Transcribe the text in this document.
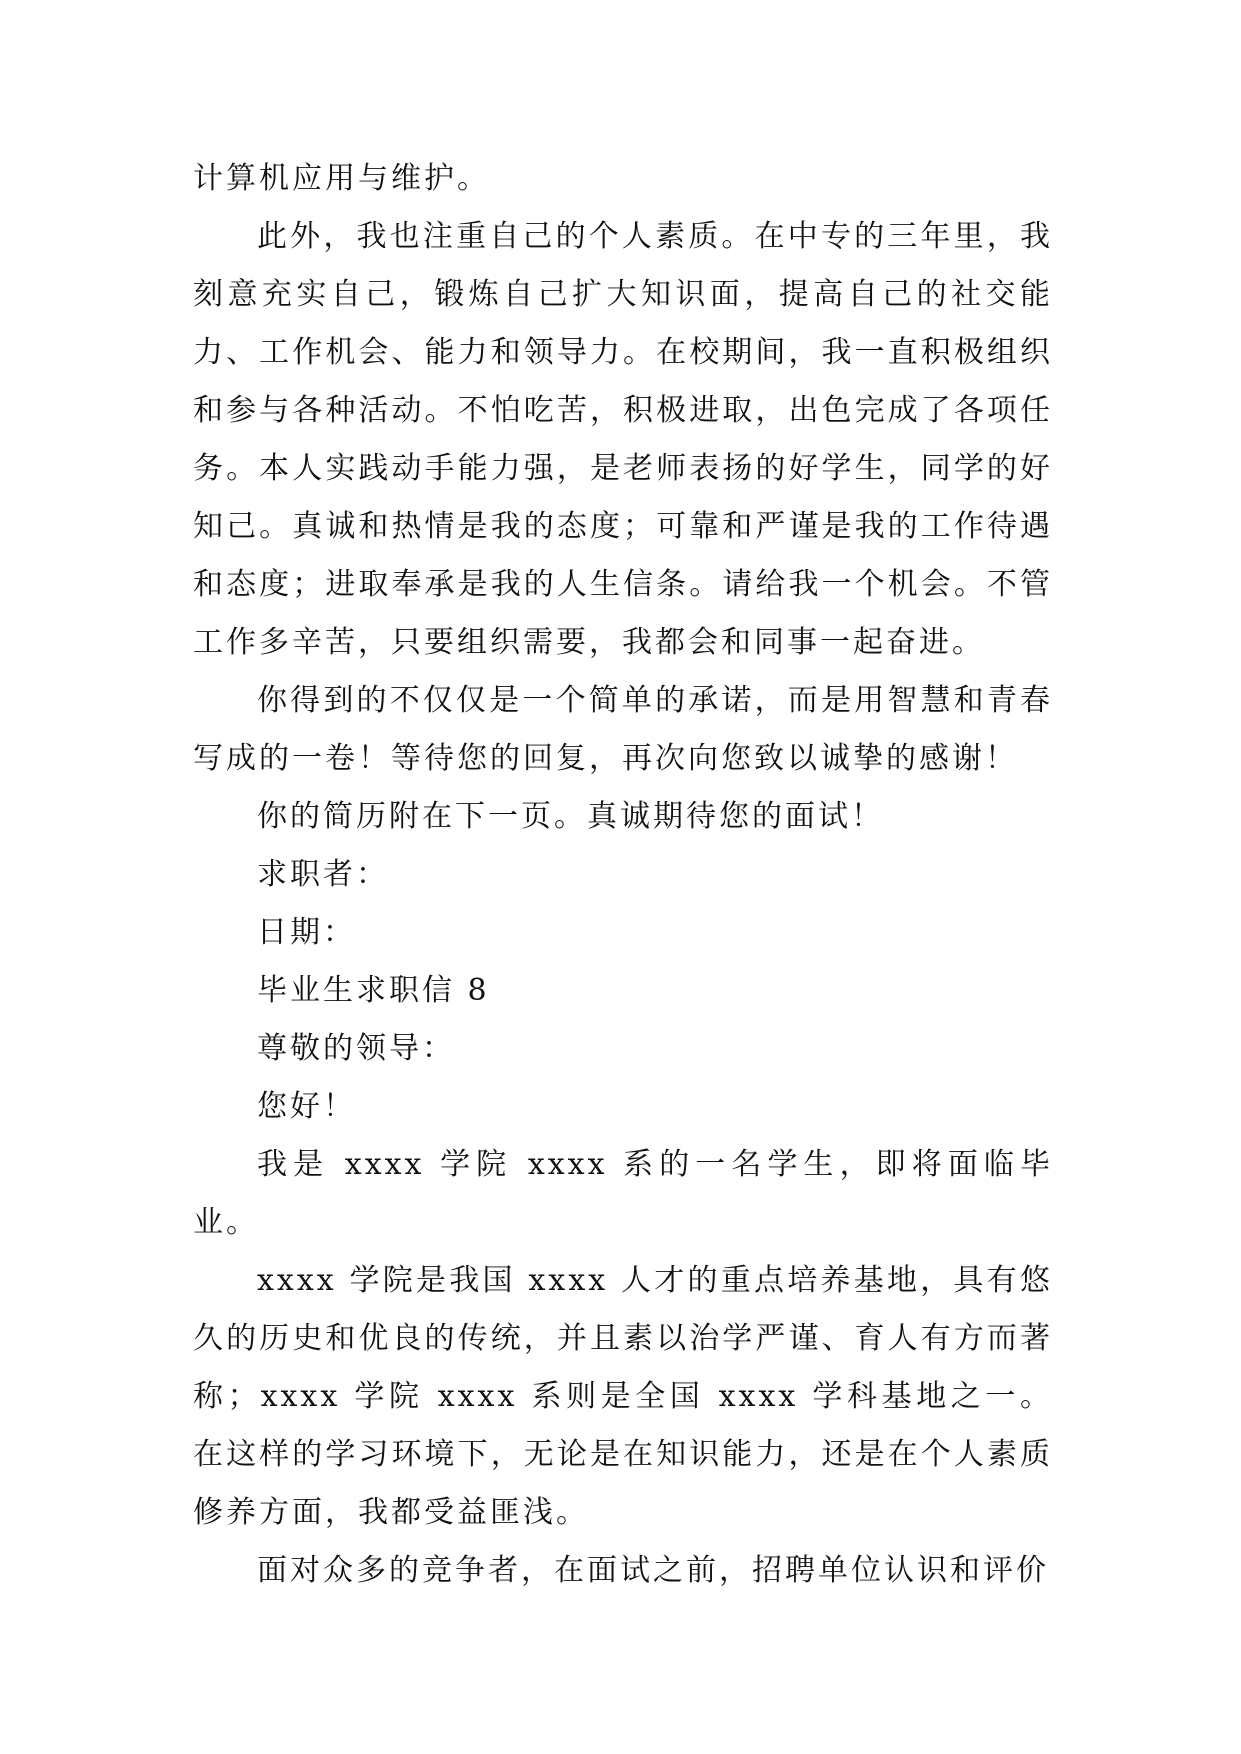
计算机应用与维护。

此外，我也注重自己的个人素质。在中专的三年里，我刻意充实自己，锻炼自己扩大知识面，提高自己的社交能力、工作机会、能力和领导力。在校期间，我一直积极组织和参与各种活动。不怕吃苦，积极进取，出色完成了各项任务。本人实践动手能力强，是老师表扬的好学生，同学的好知己。真诚和热情是我的态度；可靠和严谨是我的工作待遇和态度；进取奉承是我的人生信条。请给我一个机会。不管工作多辛苦，只要组织需要，我都会和同事一起奋进。

你得到的不仅仅是一个简单的承诺，而是用智慧和青春写成的一卷！等待您的回复，再次向您致以诚挚的感谢！

你的简历附在下一页。真诚期待您的面试！

求职者：

日期：

毕业生求职信 8

尊敬的领导：

您好！

我是 xxxx 学院 xxxx 系的一名学生，即将面临毕业。

xxxx 学院是我国 xxxx 人才的重点培养基地，具有悠久的历史和优良的传统，并且素以治学严谨、育人有方而著称；xxxx 学院 xxxx 系则是全国 xxxx 学科基地之一。在这样的学习环境下，无论是在知识能力，还是在个人素质修养方面，我都受益匪浅。

面对众多的竞争者，在面试之前，招聘单位认识和评价
